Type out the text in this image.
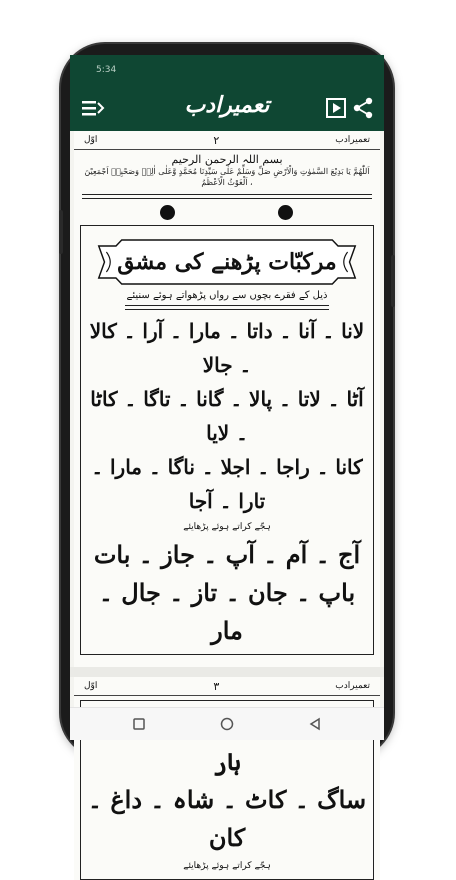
5:34
تعمیرادب
اوّل	۲	تعمیرادب
بسم اللہ الرحمن الرحیم
اَللّٰھُمَّ یَا بَدِیْعَ السَّمٰوٰتِ وَالْاَرْضِ صَلِّ وَسَلِّمْ عَلٰی سَیِّدِنَا مُحَمَّدٍ وَّعَلٰی اٰلِهٖ وَصَحْبِهٖ اَجْمَعِیْنَ ، اَلْغَوْثُ الْاَعْظَمُ
مرکبّات پڑھنے کی مشق
ذیل کے فقرے بچوں سے رواں پڑھواتے ہوئے سنیئے
لانا ۔ آنا ۔ داتا ۔ مارا ۔ آرا ۔ کالا ۔ جالا
آٹا ۔ لاتا ۔ پالا ۔ گانا ۔ تاگا ۔ کاٹا ۔ لایا
کانا ۔ راجا ۔ اجلا ۔ ناگا ۔ مارا ۔ تارا ۔ آجا
ہجّے کراتے ہوئے پڑھایئے
آج ۔ آم ۔ آپ ۔ جاز ۔ بات
باپ ۔ جان ۔ تاز ۔ جال ۔ مار
اوّل	۳	تعمیرادب
ہار
ساگ ۔ کاٹ ۔ شاہ ۔ داغ ۔ کان
ہجّے کراتے ہوئے پڑھایئے
